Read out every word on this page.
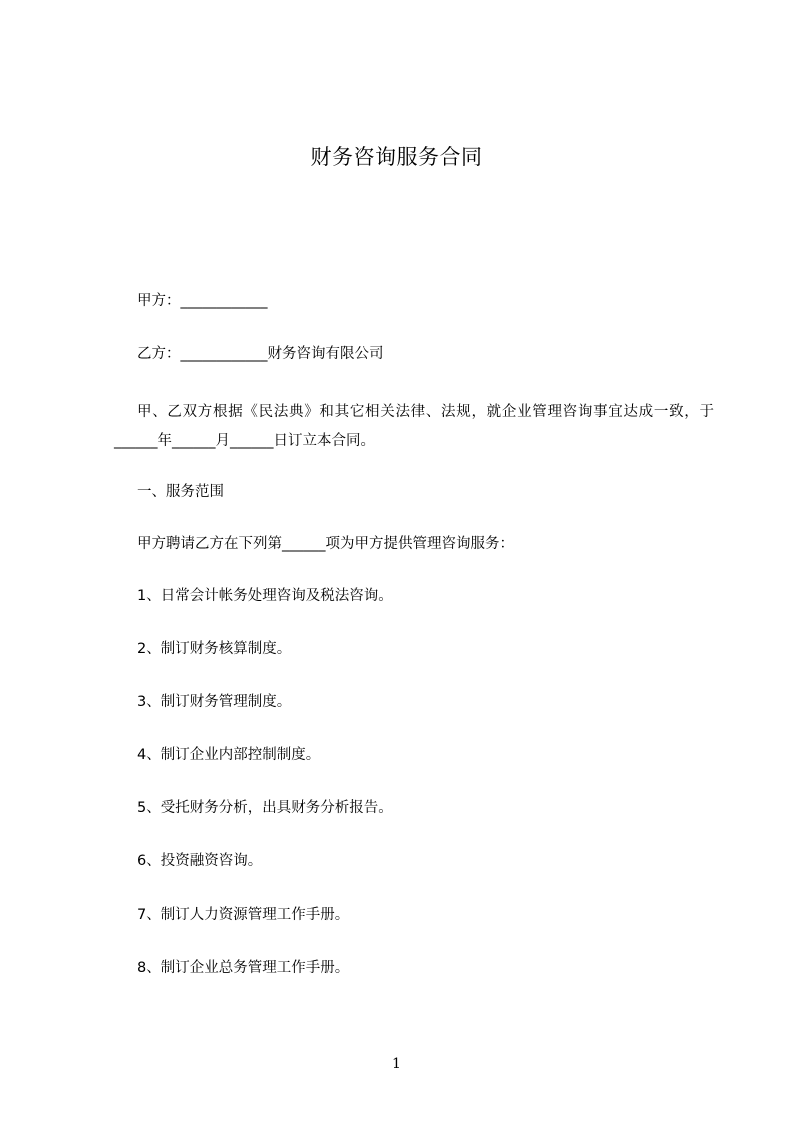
财务咨询服务合同
甲方：____________
乙方：____________财务咨询有限公司
甲、乙双方根据《民法典》和其它相关法律、法规，就企业管理咨询事宜达成一致，于______年______月______日订立本合同。
一、服务范围
甲方聘请乙方在下列第______项为甲方提供管理咨询服务：
1、日常会计帐务处理咨询及税法咨询。
2、制订财务核算制度。
3、制订财务管理制度。
4、制订企业内部控制制度。
5、受托财务分析，出具财务分析报告。
6、投资融资咨询。
7、制订人力资源管理工作手册。
8、制订企业总务管理工作手册。
1
